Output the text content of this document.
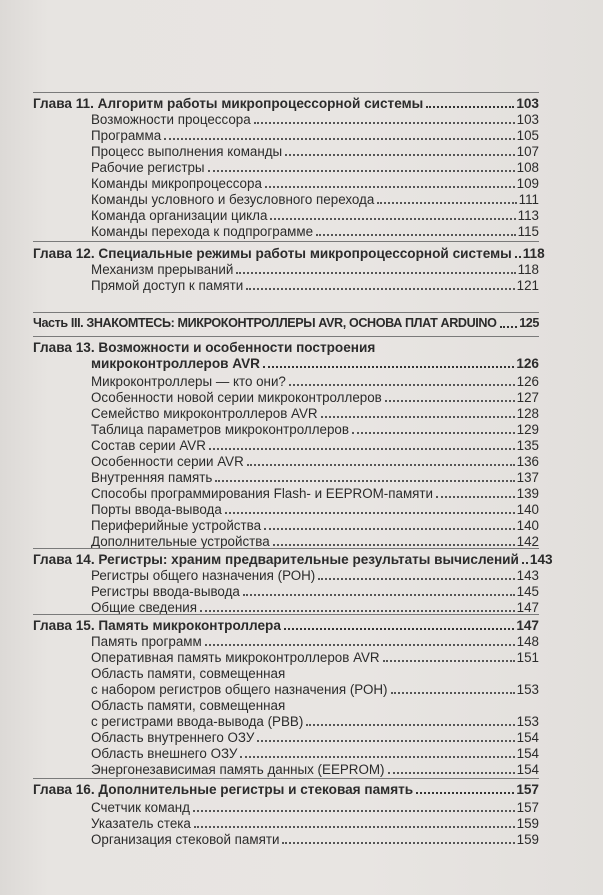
Глава 11. Алгоритм работы микропроцессорной системы	103
Возможности процессора	103
Программа	105
Процесс выполнения команды	107
Рабочие регистры	108
Команды микропроцессора	109
Команды условного и безусловного перехода	111
Команда организации цикла	113
Команды перехода к подпрограмме	115
Глава 12. Специальные режимы работы микропроцессорной системы 118
Механизм прерываний	118
Прямой доступ к памяти	121
Часть III. ЗНАКОМТЕСЬ: МИКРОКОНТРОЛЛЕРЫ AVR, ОСНОВА ПЛАТ ARDUINO 125
Глава 13. Возможности и особенности построения
микроконтроллеров AVR	126
Микроконтроллеры — кто они?	126
Особенности новой серии микроконтроллеров	127
Семейство микроконтроллеров AVR	128
Таблица параметров микроконтроллеров	129
Состав серии AVR	135
Особенности серии AVR	136
Внутренняя память	137
Способы программирования Flash- и EEPROM-памяти	139
Порты ввода-вывода	140
Периферийные устройства	140
Дополнительные устройства	142
Глава 14. Регистры: храним предварительные результаты вычислений 143
Регистры общего назначения (РОН)	143
Регистры ввода-вывода	145
Общие сведения	147
Глава 15. Память микроконтроллера	147
Память программ	148
Оперативная память микроконтроллеров AVR	151
Область памяти, совмещенная
с набором регистров общего назначения (РОН)	153
Область памяти, совмещенная
с регистрами ввода-вывода (РВВ)	153
Область внутреннего ОЗУ	154
Область внешнего ОЗУ	154
Энергонезависимая память данных (EEPROM)	154
Глава 16. Дополнительные регистры и стековая память	157
Счетчик команд	157
Указатель стека	159
Организация стековой памяти	159
